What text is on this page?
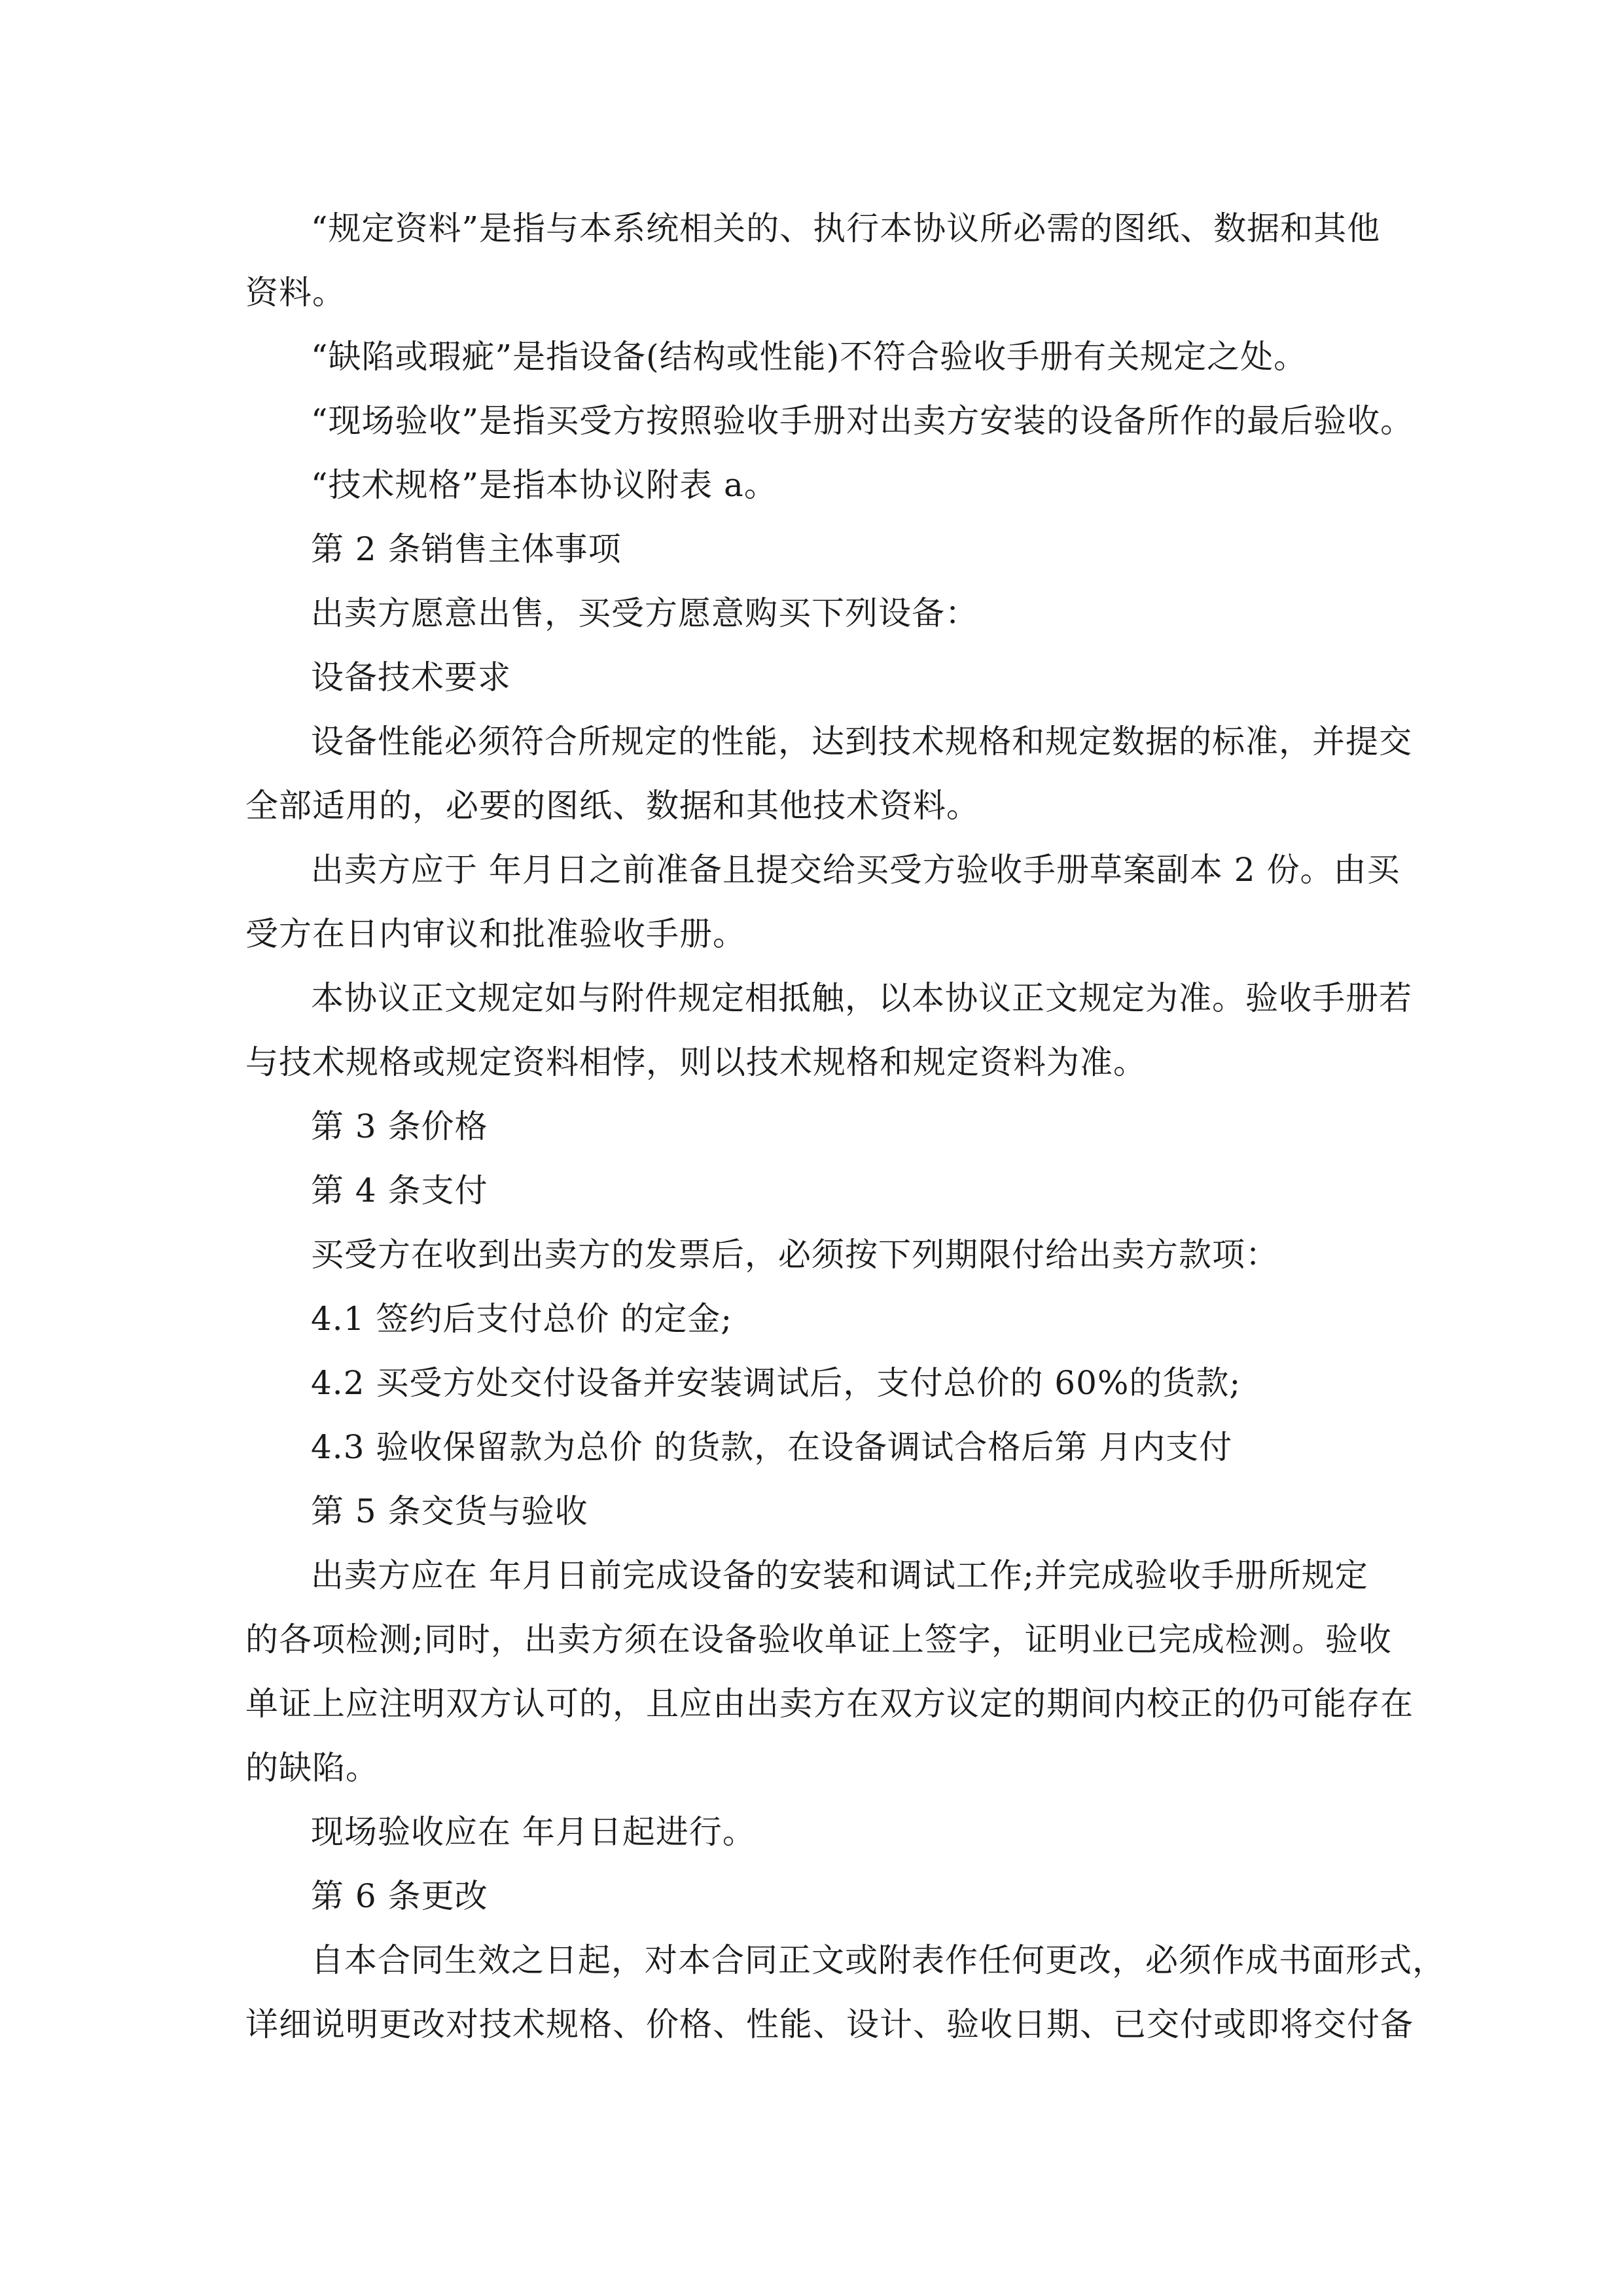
“规定资料”是指与本系统相关的、执行本协议所必需的图纸、数据和其他

资料。

“缺陷或瑕疵”是指设备(结构或性能)不符合验收手册有关规定之处。

“现场验收”是指买受方按照验收手册对出卖方安装的设备所作的最后验收。

“技术规格”是指本协议附表 a。

第 2 条销售主体事项

出卖方愿意出售，买受方愿意购买下列设备：

设备技术要求

设备性能必须符合所规定的性能，达到技术规格和规定数据的标准，并提交

全部适用的，必要的图纸、数据和其他技术资料。

出卖方应于 年月日之前准备且提交给买受方验收手册草案副本 2 份。由买

受方在日内审议和批准验收手册。

本协议正文规定如与附件规定相抵触，以本协议正文规定为准。验收手册若

与技术规格或规定资料相悖，则以技术规格和规定资料为准。

第 3 条价格

第 4 条支付

买受方在收到出卖方的发票后，必须按下列期限付给出卖方款项：

4.1 签约后支付总价 的定金;

4.2 买受方处交付设备并安装调试后，支付总价的 60%的货款;

4.3 验收保留款为总价 的货款，在设备调试合格后第 月内支付

第 5 条交货与验收

出卖方应在 年月日前完成设备的安装和调试工作;并完成验收手册所规定

的各项检测;同时，出卖方须在设备验收单证上签字，证明业已完成检测。验收

单证上应注明双方认可的，且应由出卖方在双方议定的期间内校正的仍可能存在

的缺陷。

现场验收应在 年月日起进行。

第 6 条更改

自本合同生效之日起，对本合同正文或附表作任何更改，必须作成书面形式，

详细说明更改对技术规格、价格、性能、设计、验收日期、已交付或即将交付备
